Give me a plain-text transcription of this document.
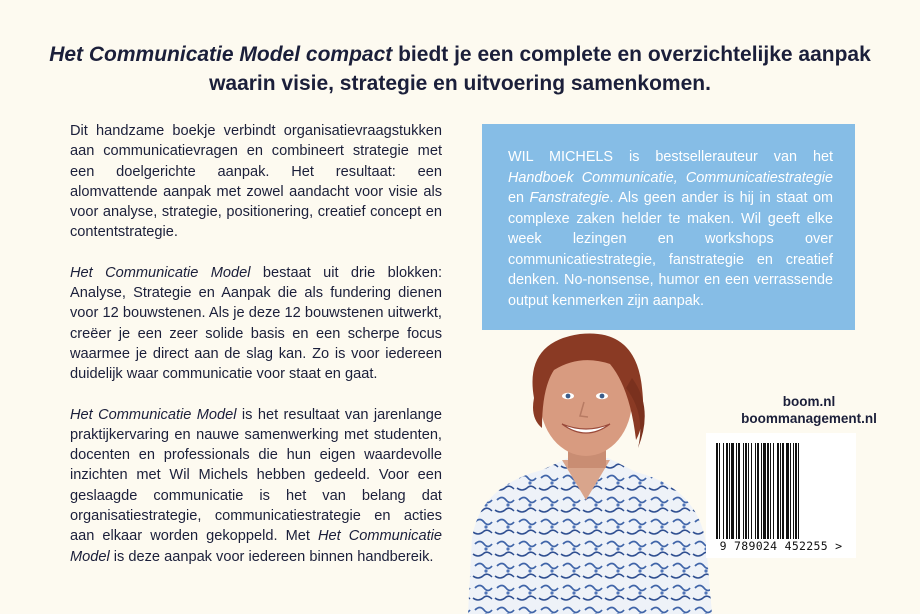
Het Communicatie Model compact biedt je een complete en overzichtelijke aanpak waarin visie, strategie en uitvoering samenkomen.

Dit handzame boekje verbindt organisatievraagstukken aan communicatievragen en combineert strategie met een doelgerichte aanpak. Het resultaat: een alomvattende aanpak met zowel aandacht voor visie als voor analyse, strategie, positionering, creatief concept en contentstrategie.

Het Communicatie Model bestaat uit drie blokken: Analyse, Strategie en Aanpak die als fundering dienen voor 12 bouwstenen. Als je deze 12 bouwstenen uitwerkt, creëer je een zeer solide basis en een scherpe focus waarmee je direct aan de slag kan. Zo is voor iedereen duidelijk waar communicatie voor staat en gaat.

Het Communicatie Model is het resultaat van jarenlange praktijkervaring en nauwe samenwerking met studenten, docenten en professionals die hun eigen waardevolle inzichten met Wil Michels hebben gedeeld. Voor een geslaagde communicatie is het van belang dat organisatiestrategie, communicatiestrategie en acties aan elkaar worden gekoppeld. Met Het Communicatie Model is deze aanpak voor iedereen binnen handbereik.

WIL MICHELS is bestsellerauteur van het Handboek Communicatie, Communicatiestrategie en Fanstrategie. Als geen ander is hij in staat om complexe zaken helder te maken. Wil geeft elke week lezingen en workshops over communicatiestrategie, fanstrategie en creatief denken. No-nonsense, humor en een verrassende output kenmerken zijn aanpak.
boom.nl
boommanagement.nl
9 789024 452255 >
